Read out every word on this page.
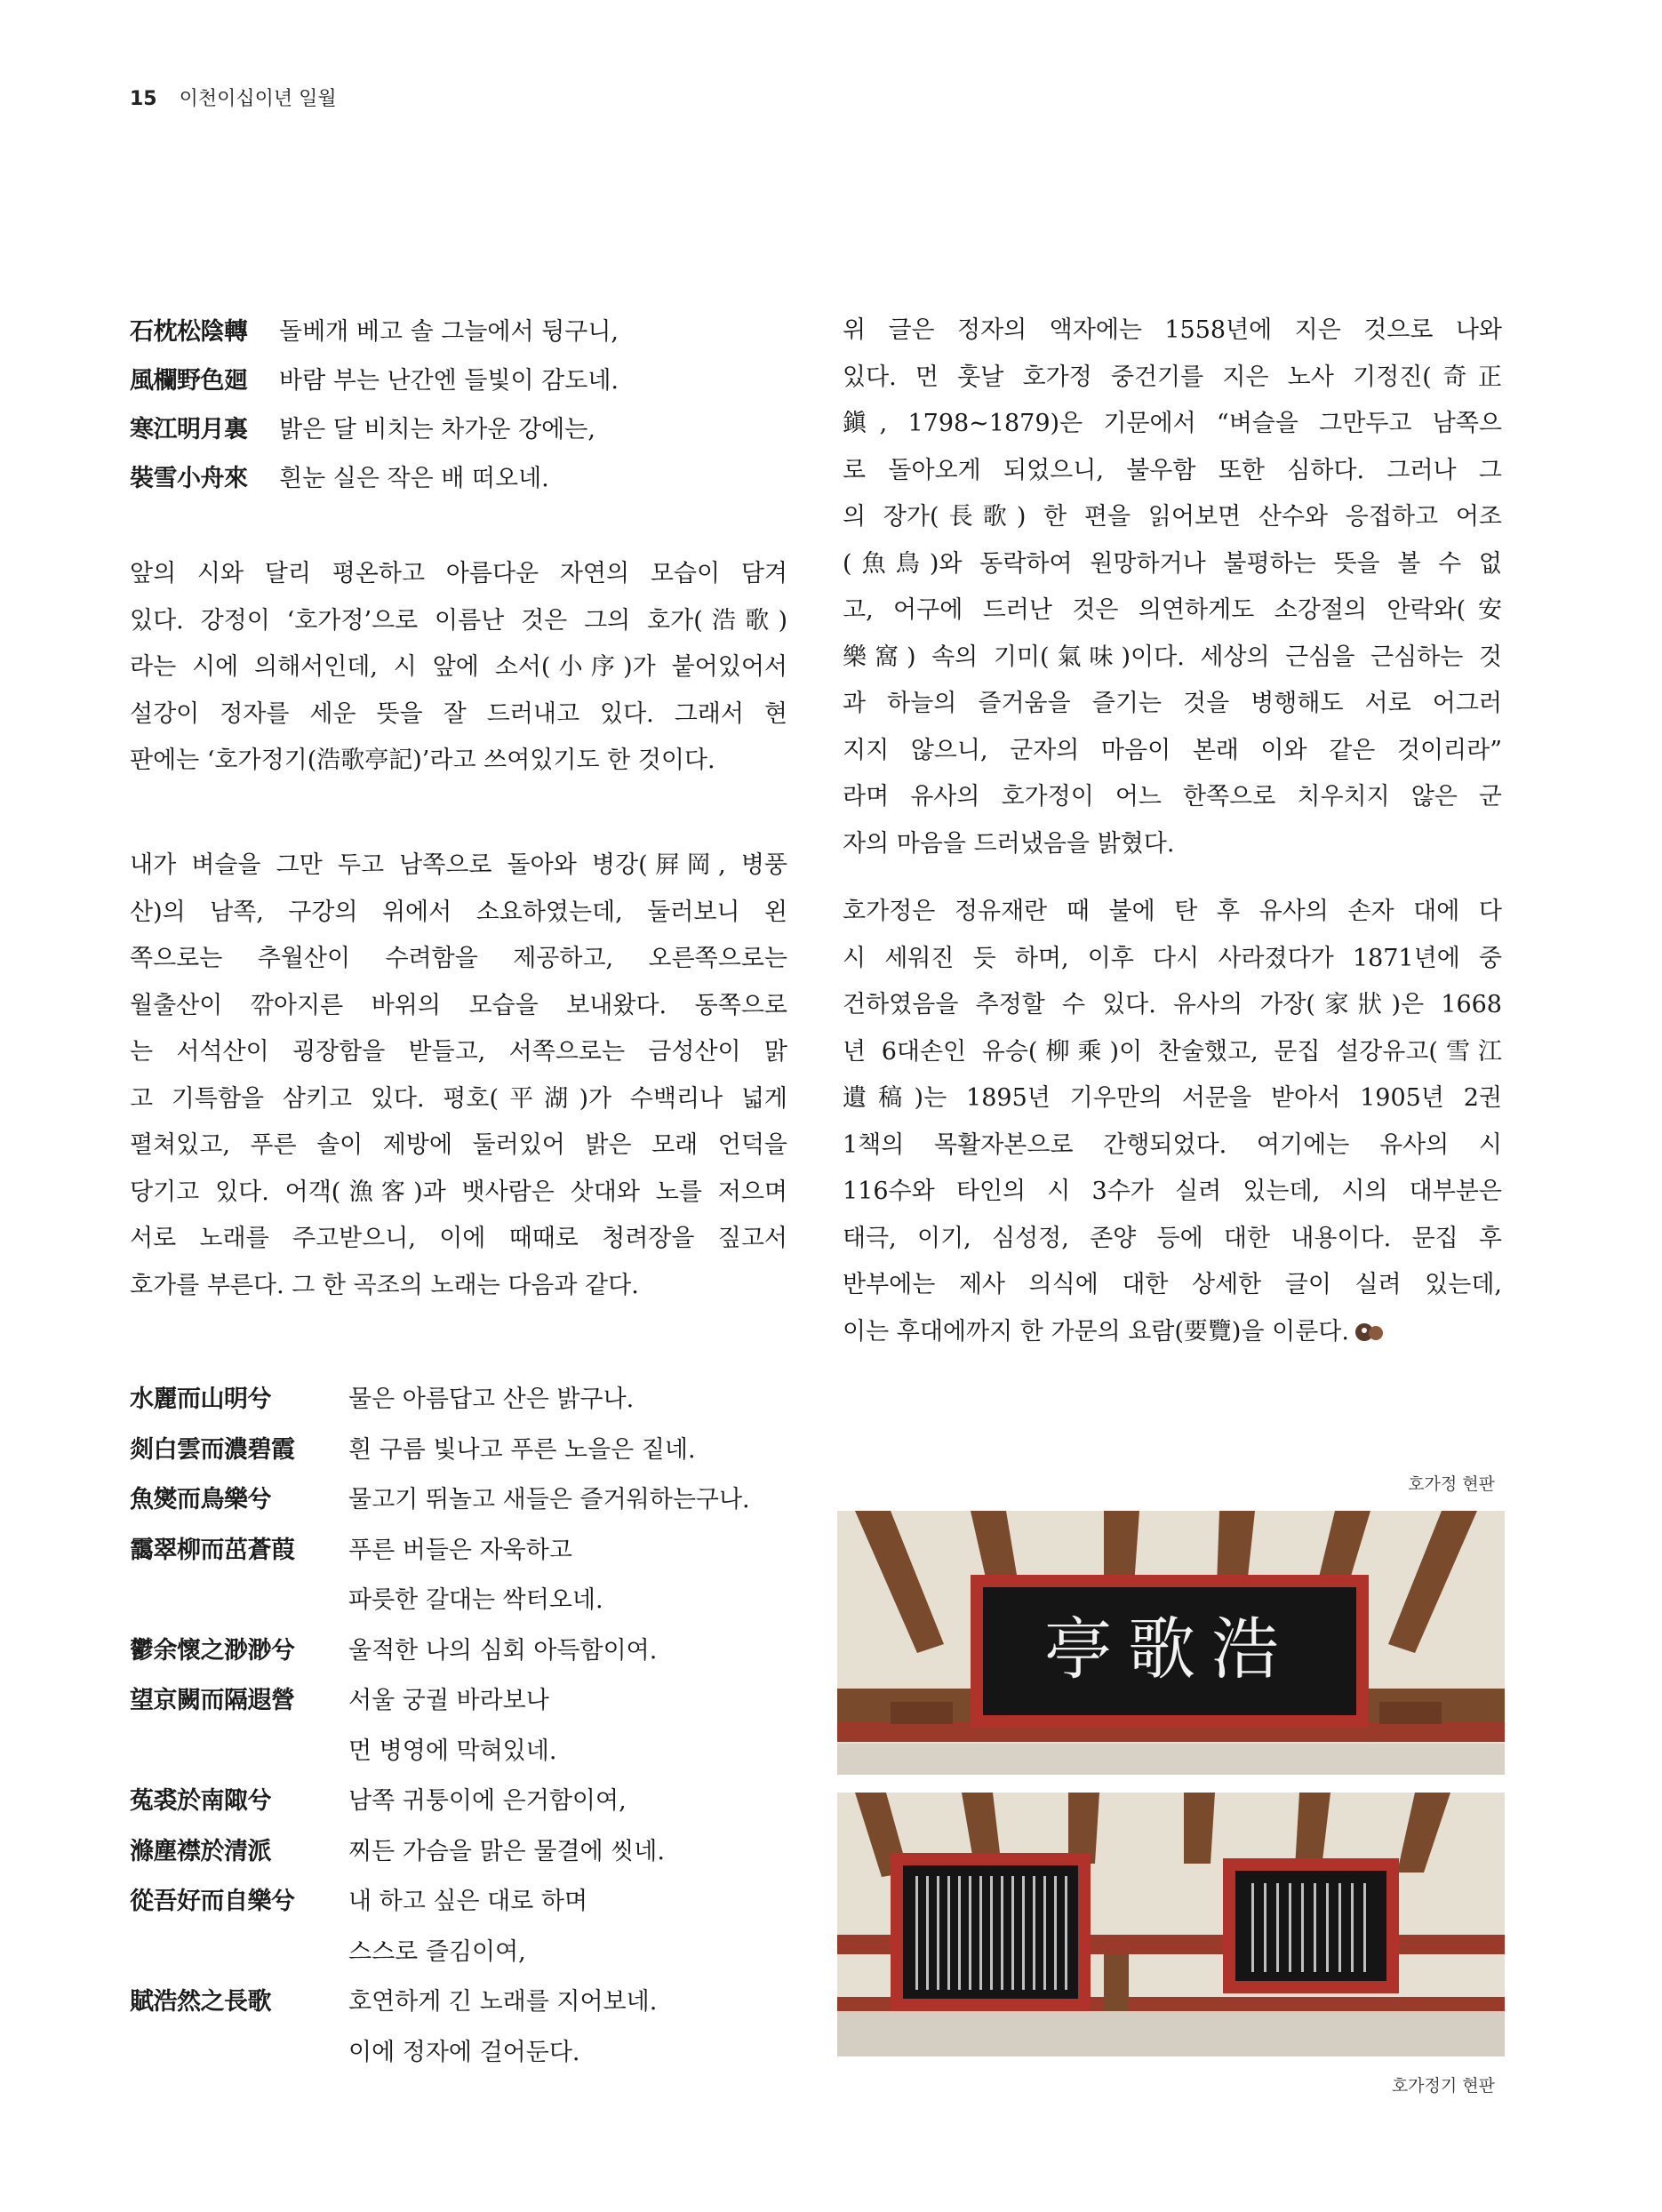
15 이천이십이년 일월
石枕松陰轉 돌베개 베고 솔 그늘에서 뒹구니,
風欄野色廻 바람 부는 난간엔 들빛이 감도네.
寒江明月裏 밝은 달 비치는 차가운 강에는,
裝雪小舟來 흰눈 실은 작은 배 떠오네.
앞의 시와 달리 평온하고 아름다운 자연의 모습이 담겨
있다. 강정이 ‘호가정’으로 이름난 것은 그의 호가(浩歌)
라는 시에 의해서인데, 시 앞에 소서(小序)가 붙어있어서
설강이 정자를 세운 뜻을 잘 드러내고 있다. 그래서 현
판에는 ‘호가정기(浩歌亭記)’라고 쓰여있기도 한 것이다.
내가 벼슬을 그만 두고 남쪽으로 돌아와 병강(屛岡, 병풍
산)의 남쪽, 구강의 위에서 소요하였는데, 둘러보니 왼
쪽으로는 추월산이 수려함을 제공하고, 오른쪽으로는
월출산이 깎아지른 바위의 모습을 보내왔다. 동쪽으로
는 서석산이 굉장함을 받들고, 서쪽으로는 금성산이 맑
고 기특함을 삼키고 있다. 평호(平湖)가 수백리나 넓게
펼쳐있고, 푸른 솔이 제방에 둘러있어 밝은 모래 언덕을
당기고 있다. 어객(漁客)과 뱃사람은 삿대와 노를 저으며
서로 노래를 주고받으니, 이에 때때로 청려장을 짚고서
호가를 부른다. 그 한 곡조의 노래는 다음과 같다.
水麗而山明兮	물은 아름답고 산은 밝구나.
剡白雲而濃碧霞 흰 구름 빛나고 푸른 노을은 짙네.
魚爕而鳥樂兮	물고기 뛰놀고 새들은 즐거워하는구나.
靄翠柳而茁蒼葭 푸른 버들은 자욱하고
파릇한 갈대는 싹터오네.
鬱余懷之渺渺兮 울적한 나의 심회 아득함이여.
望京闕而隔遐營 서울 궁궐 바라보나
먼 병영에 막혀있네.
菟裘於南陬兮	남쪽 귀퉁이에 은거함이여,
滌塵襟於清派	찌든 가슴을 맑은 물결에 씻네.
從吾好而自樂兮 내 하고 싶은 대로 하며
스스로 즐김이여,
賦浩然之長歌	호연하게 긴 노래를 지어보네.
이에 정자에 걸어둔다.
위 글은 정자의 액자에는 1558년에 지은 것으로 나와
있다. 먼 훗날 호가정 중건기를 지은 노사 기정진(奇正
鎭, 1798~1879)은 기문에서 “벼슬을 그만두고 남쪽으
로 돌아오게 되었으니, 불우함 또한 심하다. 그러나 그
의 장가(長歌) 한 편을 읽어보면 산수와 응접하고 어조
(魚鳥)와 동락하여 원망하거나 불평하는 뜻을 볼 수 없
고, 어구에 드러난 것은 의연하게도 소강절의 안락와(安
樂窩) 속의 기미(氣味)이다. 세상의 근심을 근심하는 것
과 하늘의 즐거움을 즐기는 것을 병행해도 서로 어그러
지지 않으니, 군자의 마음이 본래 이와 같은 것이리라”
라며 유사의 호가정이 어느 한쪽으로 치우치지 않은 군
자의 마음을 드러냈음을 밝혔다.
호가정은 정유재란 때 불에 탄 후 유사의 손자 대에 다
시 세워진 듯 하며, 이후 다시 사라졌다가 1871년에 중
건하였음을 추정할 수 있다. 유사의 가장(家狀)은 1668
년 6대손인 유승(柳乘)이 찬술했고, 문집 설강유고(雪江
遺稿)는 1895년 기우만의 서문을 받아서 1905년 2권
1책의 목활자본으로 간행되었다. 여기에는 유사의 시
116수와 타인의 시 3수가 실려 있는데, 시의 대부분은
태극, 이기, 심성정, 존양 등에 대한 내용이다. 문집 후
반부에는 제사 의식에 대한 상세한 글이 실려 있는데,
이는 후대에까지 한 가문의 요람(要覽)을 이룬다.
호가정 현판
亭歌浩
호가정기 현판
